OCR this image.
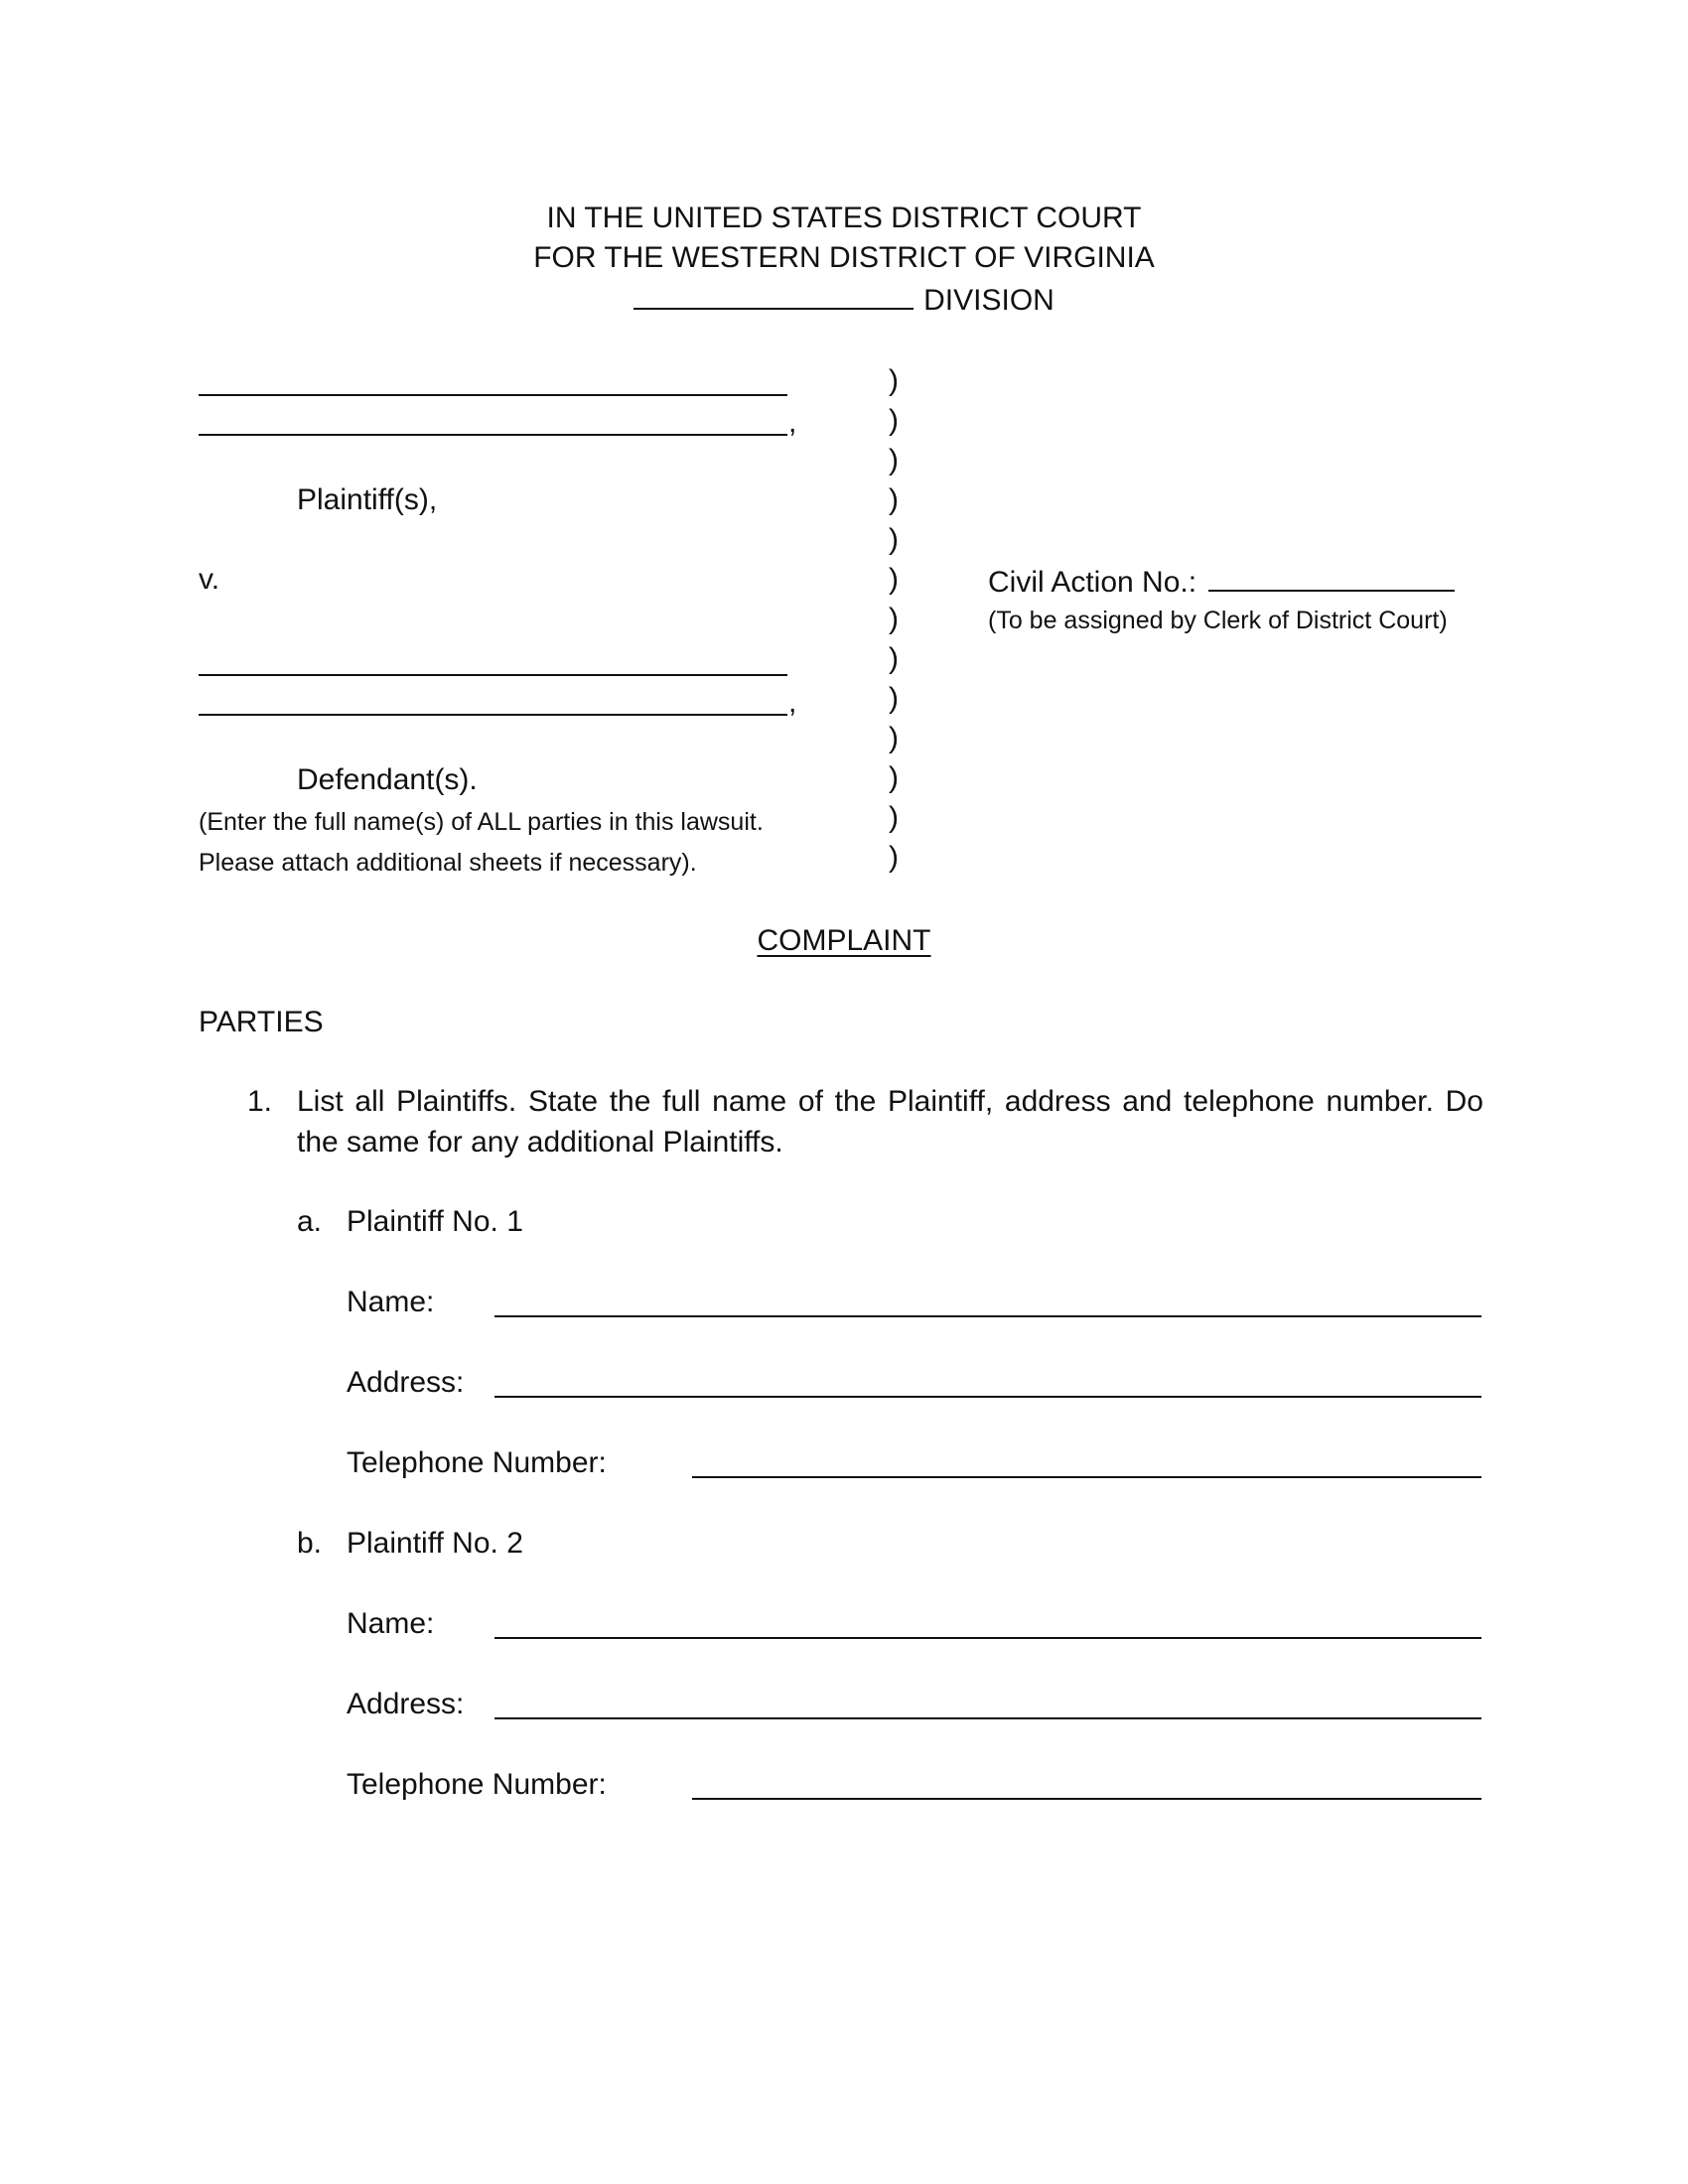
IN THE UNITED STATES DISTRICT COURT
FOR THE WESTERN DISTRICT OF VIRGINIA
DIVISION
,
Plaintiff(s),
v.
,
Defendant(s).
(Enter the full name(s) of ALL parties in this lawsuit.
Please attach additional sheets if necessary).
)
)
)
)
)
)
)
)
)
)
)
)
)
Civil Action No.:
(To be assigned by Clerk of District Court)
COMPLAINT
PARTIES
1. List all Plaintiffs. State the full name of the Plaintiff, address and telephone number. Do the same for any additional Plaintiffs.
a. Plaintiff No. 1
Name:
Address:
Telephone Number:
b. Plaintiff No. 2
Name:
Address:
Telephone Number:
